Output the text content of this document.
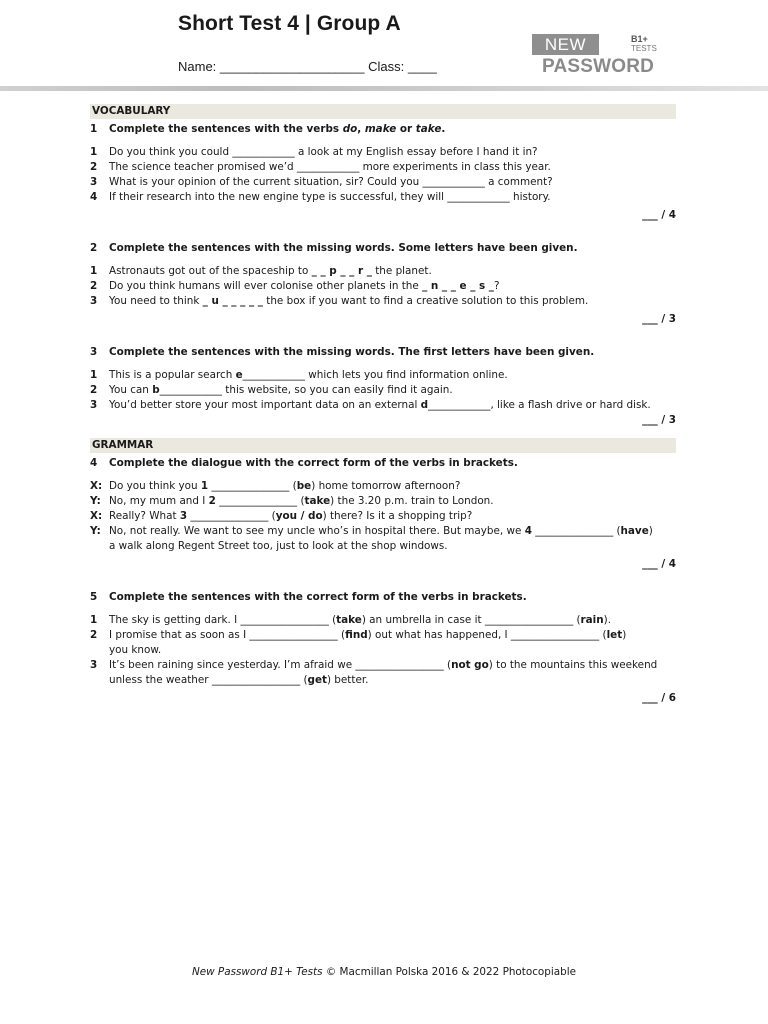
Short Test 4 | Group A
Name: ____________________ Class: ____
NEW	B1+
TESTS
PASSWORD
VOCABULARY
1	Complete the sentences with the verbs do, make or take.
1	Do you think you could ____________ a look at my English essay before I hand it in?
2	The science teacher promised we’d ____________ more experiments in class this year.
3	What is your opinion of the current situation, sir? Could you ____________ a comment?
4	If their research into the new engine type is successful, they will ____________ history.
___ / 4
2	Complete the sentences with the missing words. Some letters have been given.
1	Astronauts got out of the spaceship to _ _ p _ _ r _ the planet.
2	Do you think humans will ever colonise other planets in the _ n _ _ e _ s _?
3	You need to think _ u _ _ _ _ _ the box if you want to find a creative solution to this problem.
___ / 3
3	Complete the sentences with the missing words. The first letters have been given.
1	This is a popular search e____________ which lets you find information online.
2	You can b____________ this website, so you can easily find it again.
3	You’d better store your most important data on an external d____________, like a flash drive or hard disk.
___ / 3
GRAMMAR
4	Complete the dialogue with the correct form of the verbs in brackets.
X: Do you think you 1 _______________ (be) home tomorrow afternoon?
Y: No, my mum and I 2 _______________ (take) the 3.20 p.m. train to London.
X: Really? What 3 _______________ (you / do) there? Is it a shopping trip?
Y: No, not really. We want to see my uncle who’s in hospital there. But maybe, we 4 _______________ (have)
a walk along Regent Street too, just to look at the shop windows.
___ / 4
5	Complete the sentences with the correct form of the verbs in brackets.
1	The sky is getting dark. I _________________ (take) an umbrella in case it _________________ (rain).
2	I promise that as soon as I _________________ (find) out what has happened, I _________________ (let)
you know.
3	It’s been raining since yesterday. I’m afraid we _________________ (not go) to the mountains this weekend
unless the weather _________________ (get) better.
___ / 6
New Password B1+ Tests © Macmillan Polska 2016 & 2022 Photocopiable
